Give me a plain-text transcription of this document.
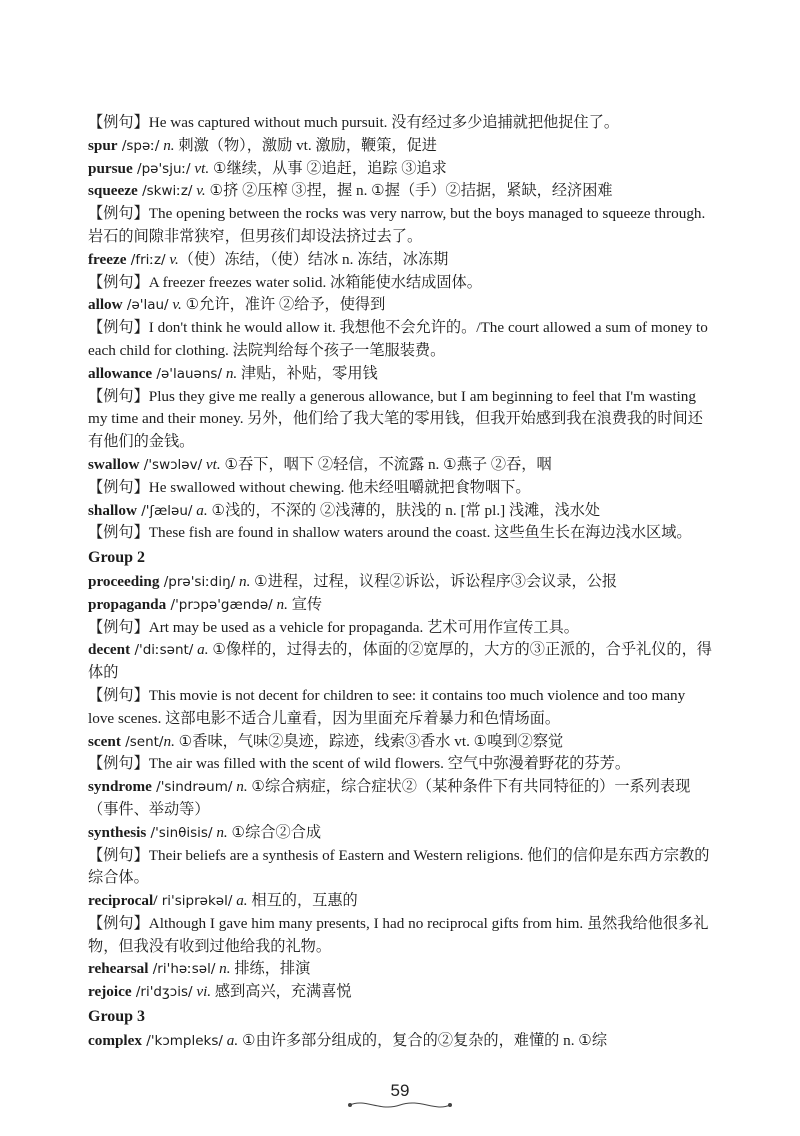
【例句】He was captured without much pursuit. 没有经过多少追捕就把他捉住了。
spur /spəː/ n. 刺激（物），激励 vt. 激励，鞭策，促进
pursue /pə'sjuː/ vt. ①继续，从事 ②追赶，追踪 ③追求
squeeze /skwiːz/ v. ①挤 ②压榨 ③捏，握 n. ①握（手）②拮据，紧缺，经济困难
【例句】The opening between the rocks was very narrow, but the boys managed to squeeze through. 岩石的间隙非常狭窄，但男孩们却设法挤过去了。
freeze /friːz/ v.（使）冻结，（使）结冰 n. 冻结，冰冻期
【例句】A freezer freezes water solid. 冰箱能使水结成固体。
allow /ə'lau/ v. ①允许，准许 ②给予，使得到
【例句】I don't think he would allow it. 我想他不会允许的。/The court allowed a sum of money to each child for clothing. 法院判给每个孩子一笔服装费。
allowance /ə'lauəns/ n. 津贴，补贴，零用钱
【例句】Plus they give me really a generous allowance, but I am beginning to feel that I'm wasting my time and their money. 另外，他们给了我大笔的零用钱，但我开始感到我在浪费我的时间还有他们的金钱。
swallow /'swɔləv/ vt. ①吞下，咽下 ②轻信，不流露 n. ①燕子 ②吞，咽
【例句】He swallowed without chewing. 他未经咀嚼就把食物咽下。
shallow /'ʃæləu/ a. ①浅的，不深的 ②浅薄的，肤浅的 n. [常 pl.] 浅滩，浅水处
【例句】These fish are found in shallow waters around the coast. 这些鱼生长在海边浅水区域。
Group 2
proceeding /prə'siːdiŋ/ n. ①进程，过程，议程②诉讼，诉讼程序③会议录，公报
propaganda /'prɔpə'gændə/ n. 宣传
【例句】Art may be used as a vehicle for propaganda. 艺术可用作宣传工具。
decent /'diːsənt/ a. ①像样的，过得去的，体面的②宽厚的，大方的③正派的，合乎礼仪的，得体的
【例句】This movie is not decent for children to see: it contains too much violence and too many love scenes. 这部电影不适合儿童看，因为里面充斥着暴力和色情场面。
scent /sent/n. ①香味，气味②臭迹，踪迹，线索③香水 vt. ①嗅到②察觉
【例句】The air was filled with the scent of wild flowers. 空气中弥漫着野花的芬芳。
syndrome /'sindrəum/ n. ①综合病症，综合症状②（某种条件下有共同特征的）一系列表现（事件、举动等）
synthesis /'sinθisis/ n. ①综合②合成
【例句】Their beliefs are a synthesis of Eastern and Western religions. 他们的信仰是东西方宗教的综合体。
reciprocal/ ri'siprəkəl/ a. 相互的，互惠的
【例句】Although I gave him many presents, I had no reciprocal gifts from him. 虽然我给他很多礼物，但我没有收到过他给我的礼物。
rehearsal /ri'həːsəl/ n. 排练，排演
rejoice /ri'dʒɔis/ vi. 感到高兴，充满喜悦
Group 3
complex /'kɔmpleks/ a. ①由许多部分组成的，复合的②复杂的，难懂的 n. ①综
59
